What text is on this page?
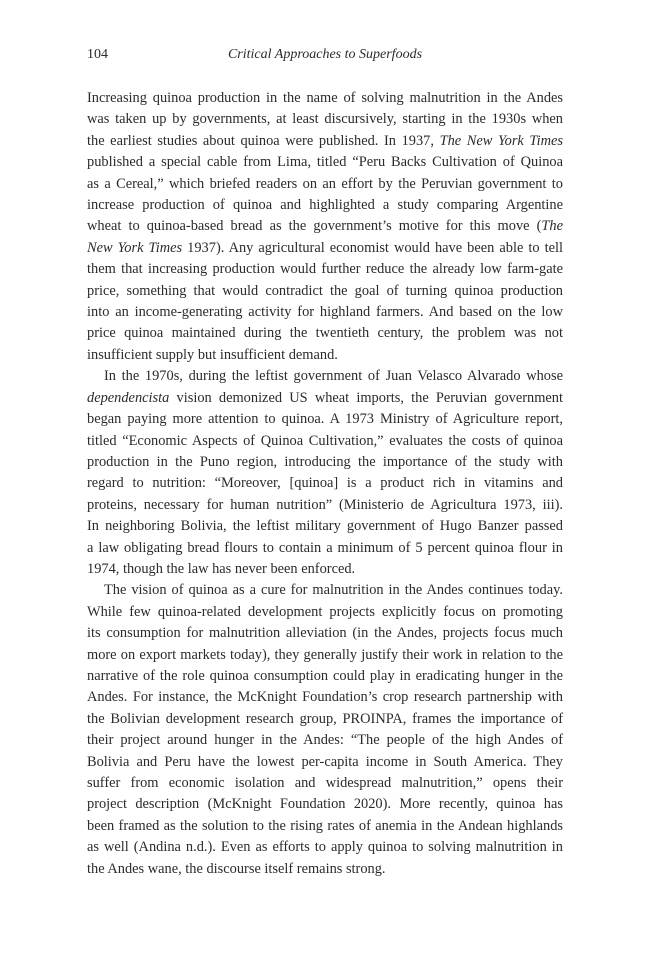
104	Critical Approaches to Superfoods
Increasing quinoa production in the name of solving malnutrition in the Andes
was taken up by governments, at least discursively, starting in the 1930s when
the earliest studies about quinoa were published. In 1937, The New York Times
published a special cable from Lima, titled “Peru Backs Cultivation of Quinoa
as a Cereal,” which briefed readers on an effort by the Peruvian government to
increase production of quinoa and highlighted a study comparing Argentine
wheat to quinoa-based bread as the government’s motive for this move (The
New York Times 1937). Any agricultural economist would have been able to tell
them that increasing production would further reduce the already low farm-gate
price, something that would contradict the goal of turning quinoa production
into an income-generating activity for highland farmers. And based on the low
price quinoa maintained during the twentieth century, the problem was not
insufficient supply but insufficient demand.
In the 1970s, during the leftist government of Juan Velasco Alvarado whose
dependencista vision demonized US wheat imports, the Peruvian government
began paying more attention to quinoa. A 1973 Ministry of Agriculture report,
titled “Economic Aspects of Quinoa Cultivation,” evaluates the costs of quinoa
production in the Puno region, introducing the importance of the study with
regard to nutrition: “Moreover, [quinoa] is a product rich in vitamins and
proteins, necessary for human nutrition” (Ministerio de Agricultura 1973, iii).
In neighboring Bolivia, the leftist military government of Hugo Banzer passed
a law obligating bread flours to contain a minimum of 5 percent quinoa flour in
1974, though the law has never been enforced.
The vision of quinoa as a cure for malnutrition in the Andes continues today.
While few quinoa-related development projects explicitly focus on promoting
its consumption for malnutrition alleviation (in the Andes, projects focus much
more on export markets today), they generally justify their work in relation to the
narrative of the role quinoa consumption could play in eradicating hunger in the
Andes. For instance, the McKnight Foundation’s crop research partnership with
the Bolivian development research group, PROINPA, frames the importance of
their project around hunger in the Andes: “The people of the high Andes of
Bolivia and Peru have the lowest per-capita income in South America. They
suffer from economic isolation and widespread malnutrition,” opens their
project description (McKnight Foundation 2020). More recently, quinoa has
been framed as the solution to the rising rates of anemia in the Andean highlands
as well (Andina n.d.). Even as efforts to apply quinoa to solving malnutrition in
the Andes wane, the discourse itself remains strong.
